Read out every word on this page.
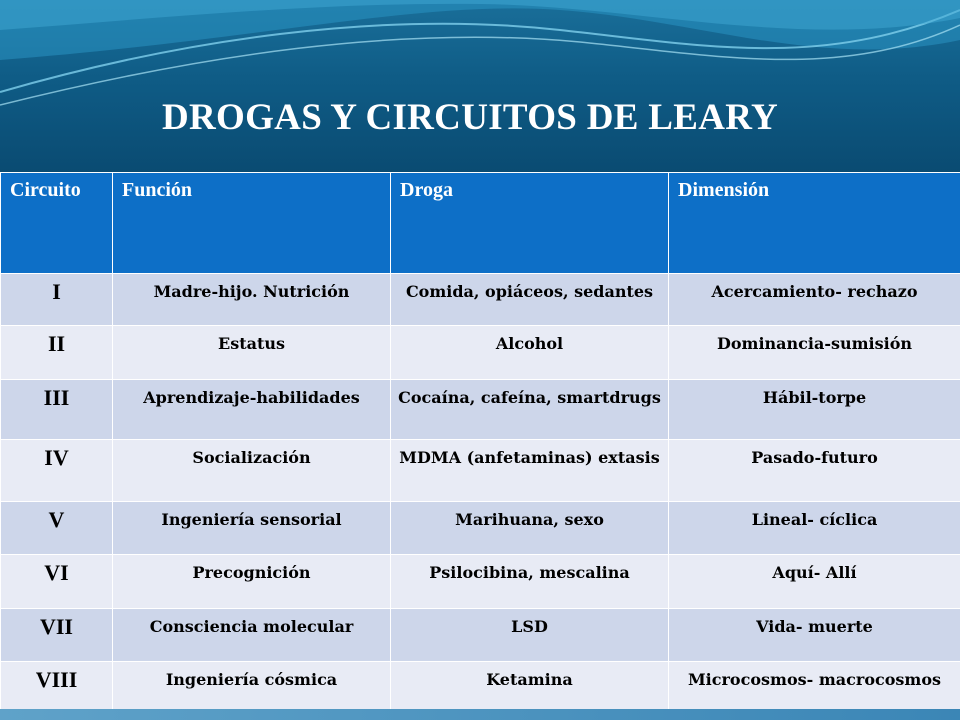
DROGAS Y CIRCUITOS DE LEARY
Circuito	Función	Droga	Dimensión
I	Madre-hijo. Nutrición	Comida, opiáceos, sedantes	Acercamiento- rechazo
II	Estatus	Alcohol	Dominancia-sumisión
III	Aprendizaje-habilidades	Cocaína, cafeína, smartdrugs	Hábil-torpe
IV	Socialización	MDMA (anfetaminas) extasis	Pasado-futuro
V	Ingeniería sensorial	Marihuana, sexo	Lineal- cíclica
VI	Precognición	Psilocibina, mescalina	Aquí- Allí
VII	Consciencia molecular	LSD	Vida- muerte
VIII	Ingeniería cósmica	Ketamina	Microcosmos- macrocosmos
